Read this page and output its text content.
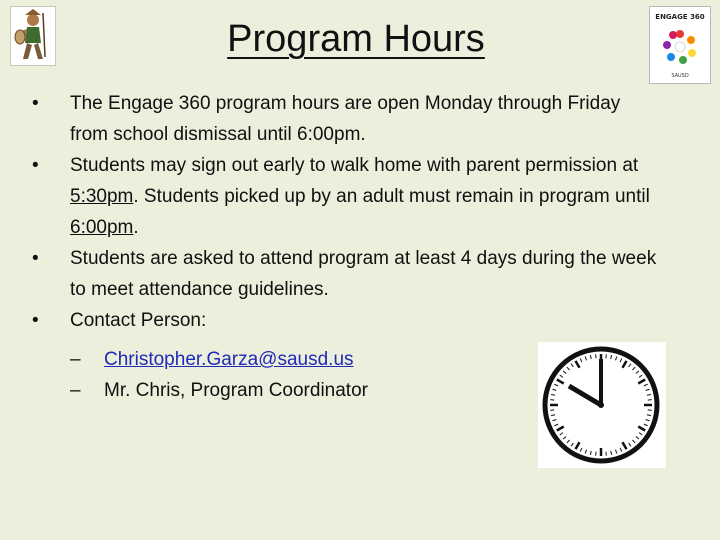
Program Hours
ENGAGE 360
SAUSD
• The Engage 360 program hours are open Monday through Friday from school dismissal until 6:00pm.
• Students may sign out early to walk home with parent permission at 5:30pm. Students picked up by an adult must remain in program until 6:00pm.
• Students are asked to attend program at least 4 days during the week to meet attendance guidelines.
• Contact Person:
– Christopher.Garza@sausd.us
– Mr. Chris, Program Coordinator
